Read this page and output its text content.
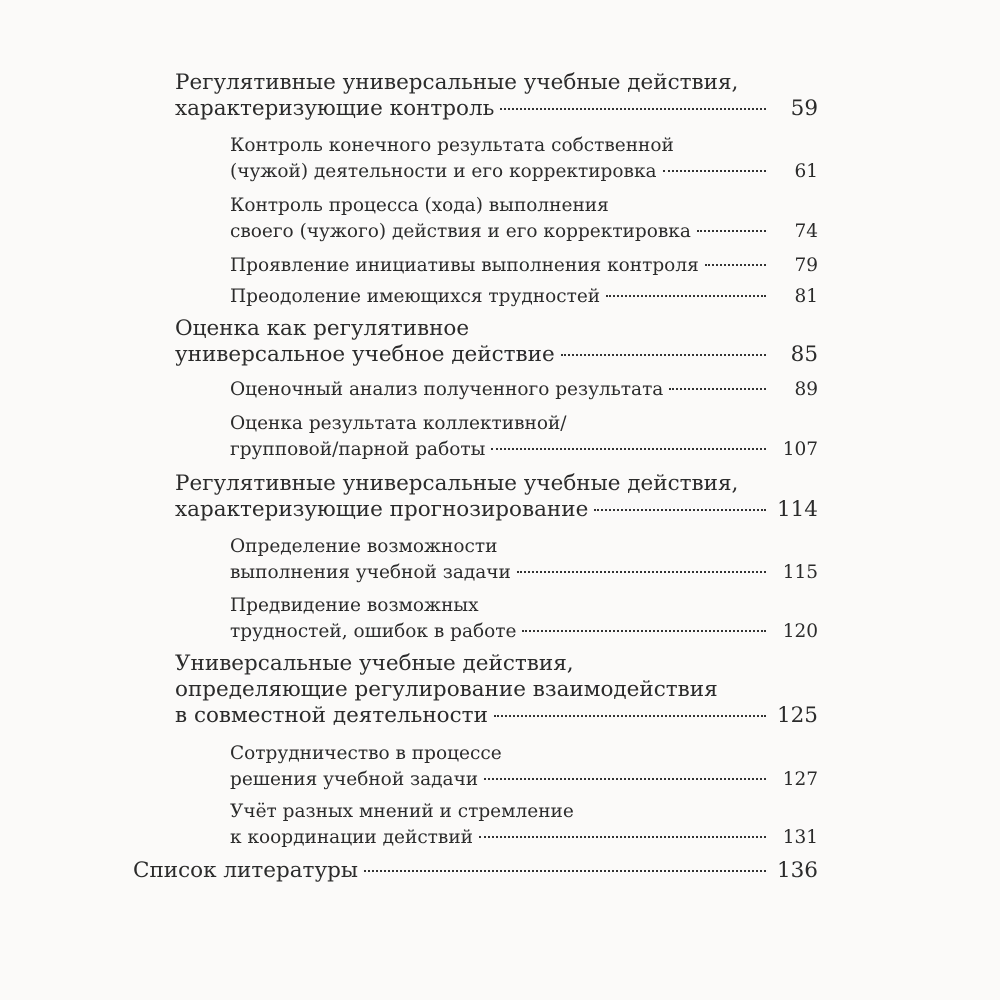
Регулятивные универсальные учебные действия,
характеризующие контроль	59
Контроль конечного результата собственной
(чужой) деятельности и его корректировка	61
Контроль процесса (хода) выполнения
своего (чужого) действия и его корректировка	74
Проявление инициативы выполнения контроля	79
Преодоление имеющихся трудностей	81
Оценка как регулятивное
универсальное учебное действие	85
Оценочный анализ полученного результата	89
Оценка результата коллективной/
групповой/парной работы	107
Регулятивные универсальные учебные действия,
характеризующие прогнозирование	114
Определение возможности
выполнения учебной задачи	115
Предвидение возможных
трудностей, ошибок в работе	120
Универсальные учебные действия,
определяющие регулирование взаимодействия
в совместной деятельности	125
Сотрудничество в процессе
решения учебной задачи	127
Учёт разных мнений и стремление
к координации действий	131
Список литературы	136
